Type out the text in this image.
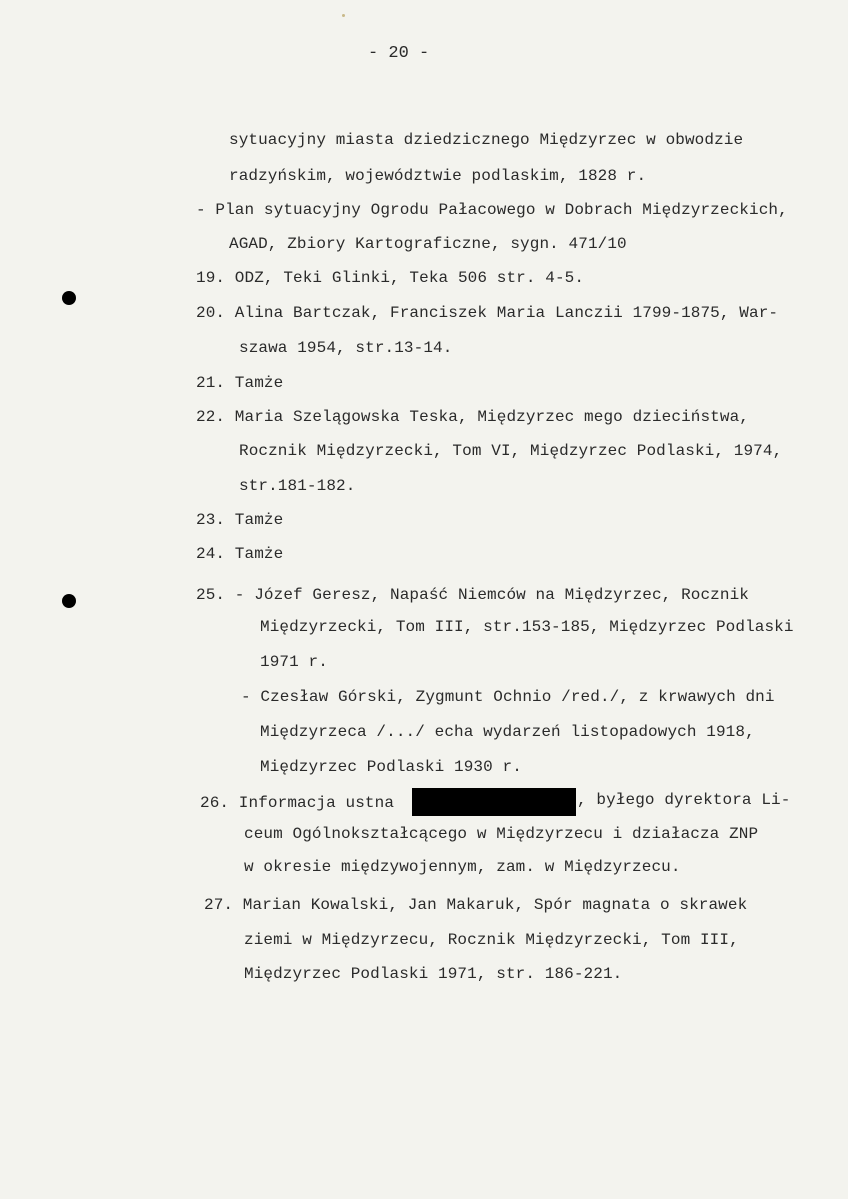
- 20 -
sytuacyjny miasta dziedzicznego Międzyrzec w obwodzie
radzyńskim, województwie podlaskim, 1828 r.
- Plan sytuacyjny Ogrodu Pałacowego w Dobrach Międzyrzeckich,
AGAD, Zbiory Kartograficzne, sygn. 471/10
19. ODZ, Teki Glinki, Teka 506 str. 4-5.
20. Alina Bartczak, Franciszek Maria Lanczii 1799-1875, War-
szawa 1954, str.13-14.
21. Tamże
22. Maria Szelągowska Teska, Międzyrzec mego dzieciństwa,
Rocznik Międzyrzecki, Tom VI, Międzyrzec Podlaski, 1974,
str.181-182.
23. Tamże
24. Tamże
25. - Józef Geresz, Napaść Niemców na Międzyrzec, Rocznik
Międzyrzecki, Tom III, str.153-185, Międzyrzec Podlaski
1971 r.
- Czesław Górski, Zygmunt Ochnio /red./, z krwawych dni
Międzyrzeca /.../ echa wydarzeń listopadowych 1918,
Międzyrzec Podlaski 1930 r.
26. Informacja ustna	, byłego dyrektora Li-
ceum Ogólnokształcącego w Międzyrzecu i działacza ZNP
w okresie międzywojennym, zam. w Międzyrzecu.
27. Marian Kowalski, Jan Makaruk, Spór magnata o skrawek
ziemi w Międzyrzecu, Rocznik Międzyrzecki, Tom III,
Międzyrzec Podlaski 1971, str. 186-221.
